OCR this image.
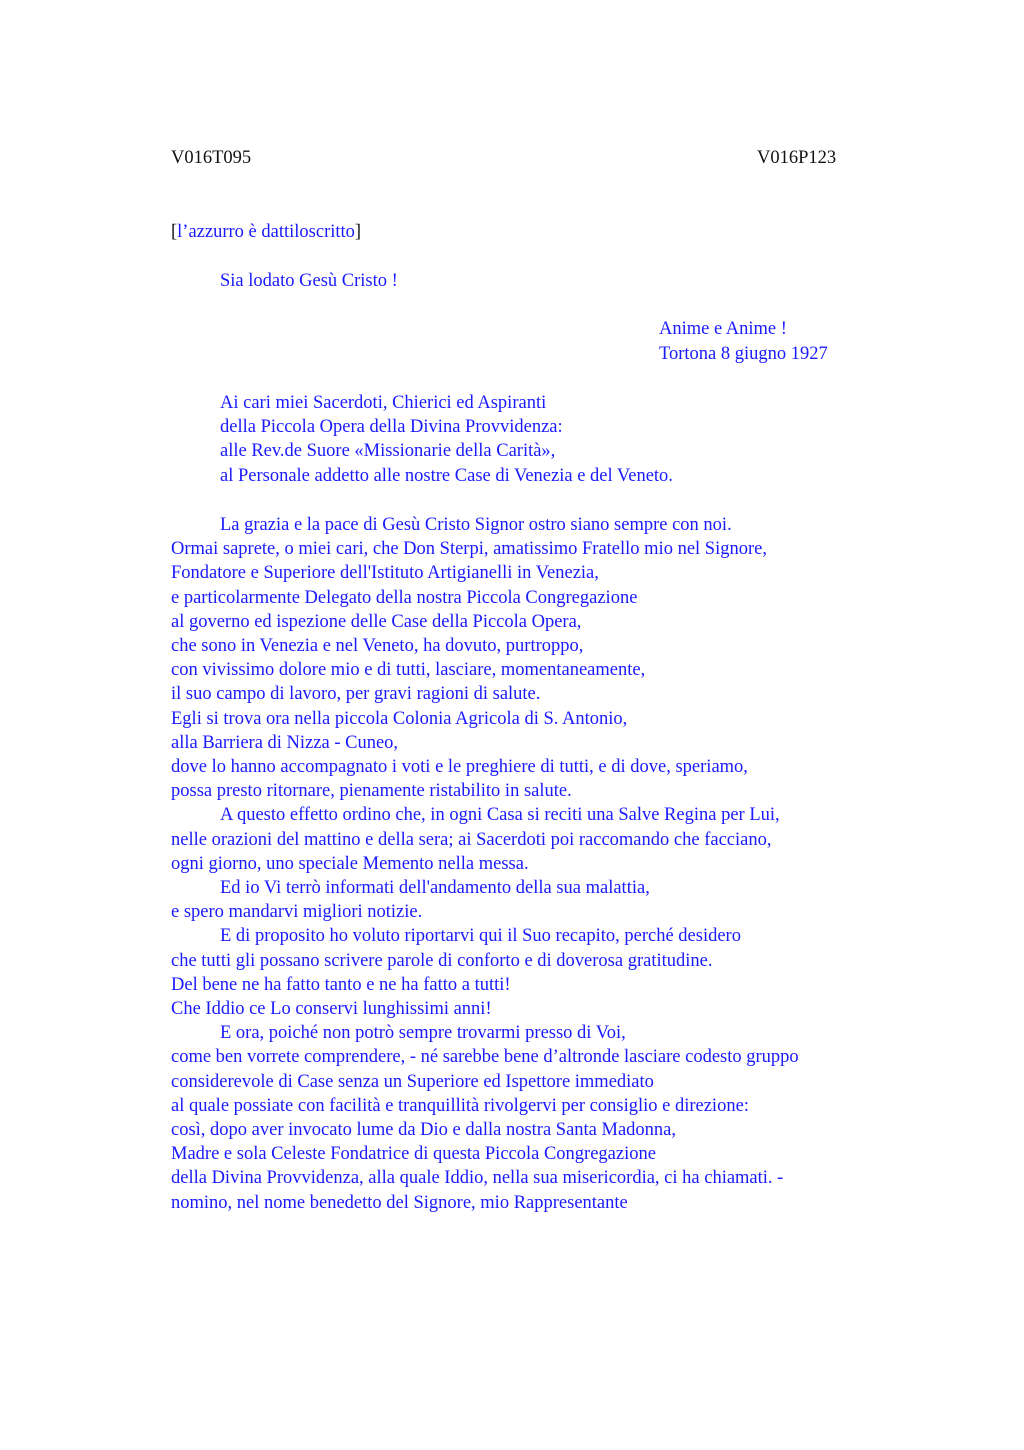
V016T095	V016P123
[l’azzurro è dattiloscritto]
Sia lodato Gesù Cristo !
Anime e Anime !
Tortona 8 giugno 1927
Ai cari miei Sacerdoti, Chierici ed Aspiranti
della Piccola Opera della Divina Provvidenza:
alle Rev.de Suore «Missionarie della Carità»,
al Personale addetto alle nostre Case di Venezia e del Veneto.
La grazia e la pace di Gesù Cristo Signor ostro siano sempre con noi.
Ormai saprete, o miei cari, che Don Sterpi, amatissimo Fratello mio nel Signore,
Fondatore e Superiore dell'Istituto Artigianelli in Venezia,
e particolarmente Delegato della nostra Piccola Congregazione
al governo ed ispezione delle Case della Piccola Opera,
che sono in Venezia e nel Veneto, ha dovuto, purtroppo,
con vivissimo dolore mio e di tutti, lasciare, momentaneamente,
il suo campo di lavoro, per gravi ragioni di salute.
Egli si trova ora nella piccola Colonia Agricola di S. Antonio,
alla Barriera di Nizza - Cuneo,
dove lo hanno accompagnato i voti e le preghiere di tutti, e di dove, speriamo,
possa presto ritornare, pienamente ristabilito in salute.
A questo effetto ordino che, in ogni Casa si reciti una Salve Regina per Lui,
nelle orazioni del mattino e della sera; ai Sacerdoti poi raccomando che facciano,
ogni giorno, uno speciale Memento nella messa.
Ed io Vi terrò informati dell'andamento della sua malattia,
e spero mandarvi migliori notizie.
E di proposito ho voluto riportarvi qui il Suo recapito, perché desidero
che tutti gli possano scrivere parole di conforto e di doverosa gratitudine.
Del bene ne ha fatto tanto e ne ha fatto a tutti!
Che Iddio ce Lo conservi lunghissimi anni!
E ora, poiché non potrò sempre trovarmi presso di Voi,
come ben vorrete comprendere, - né sarebbe bene d’altronde lasciare codesto gruppo
considerevole di Case senza un Superiore ed Ispettore immediato
al quale possiate con facilità e tranquillità rivolgervi per consiglio e direzione:
così, dopo aver invocato lume da Dio e dalla nostra Santa Madonna,
Madre e sola Celeste Fondatrice di questa Piccola Congregazione
della Divina Provvidenza, alla quale Iddio, nella sua misericordia, ci ha chiamati. -
nomino, nel nome benedetto del Signore, mio Rappresentante
